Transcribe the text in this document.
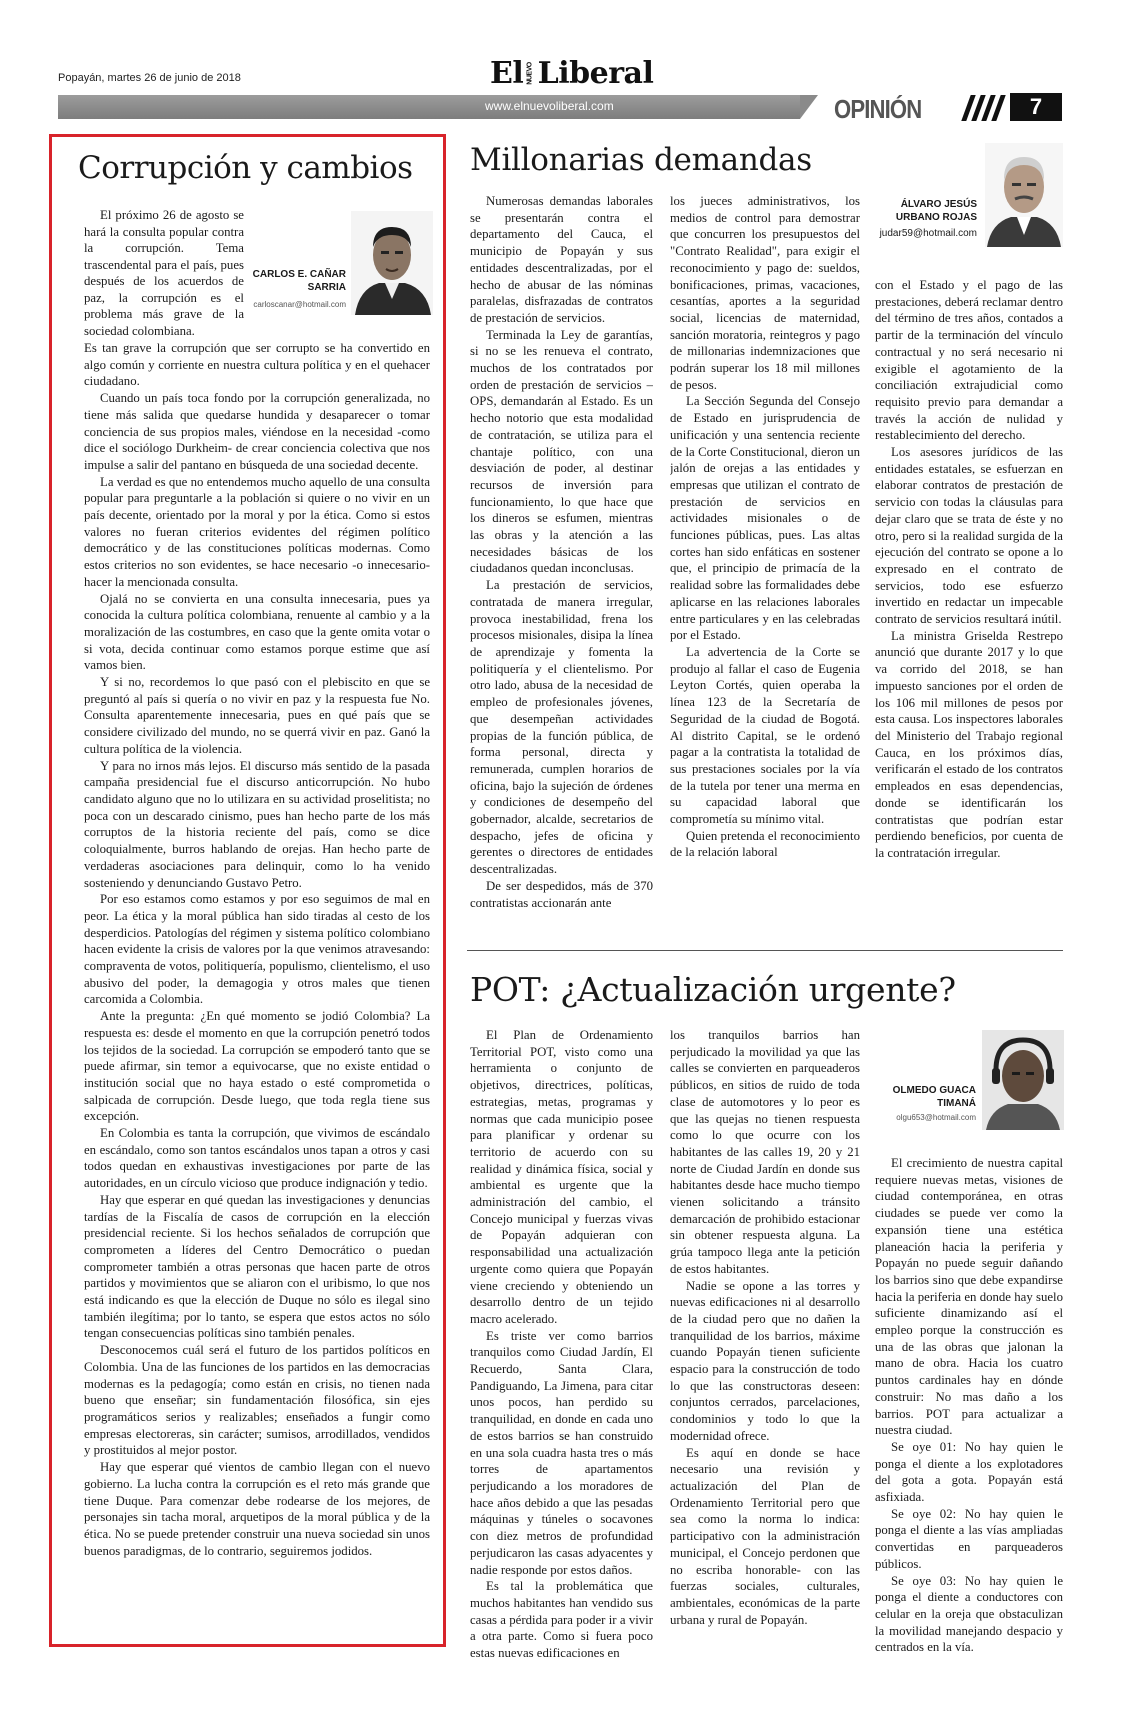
Popayán, martes 26 de junio de 2018	El NUEVO Liberal
www.elnuevoliberal.com	OPINIÓN	7
Corrupción y cambios
CARLOS E. CAÑAR SARRIA
carloscanar@hotmail.com

El próximo 26 de agosto se hará la consulta popular contra la corrupción. Tema trascendental para el país, pues después de los acuerdos de paz, la corrupción es el problema más grave de la sociedad colombiana.

Es tan grave la corrupción que ser corrupto se ha convertido en algo común y corriente en nuestra cultura política y en el quehacer ciudadano.

Cuando un país toca fondo por la corrupción generalizada, no tiene más salida que quedarse hundida y desaparecer o tomar conciencia de sus propios males, viéndose en la necesidad -como dice el sociólogo Durkheim- de crear conciencia colectiva que nos impulse a salir del pantano en búsqueda de una sociedad decente.

La verdad es que no entendemos mucho aquello de una consulta popular para preguntarle a la población si quiere o no vivir en un país decente, orientado por la moral y por la ética. Como si estos valores no fueran criterios evidentes del régimen político democrático y de las constituciones políticas modernas. Como estos criterios no son evidentes, se hace necesario -o innecesario- hacer la mencionada consulta.

Ojalá no se convierta en una consulta innecesaria, pues ya conocida la cultura política colombiana, renuente al cambio y a la moralización de las costumbres, en caso que la gente omita votar o si vota, decida continuar como estamos porque estime que así vamos bien.

Y si no, recordemos lo que pasó con el plebiscito en que se preguntó al país si quería o no vivir en paz y la respuesta fue No. Consulta aparentemente innecesaria, pues en qué país que se considere civilizado del mundo, no se querrá vivir en paz. Ganó la cultura política de la violencia.

Y para no irnos más lejos. El discurso más sentido de la pasada campaña presidencial fue el discurso anticorrupción. No hubo candidato alguno que no lo utilizara en su actividad proselitista; no poca con un descarado cinismo, pues han hecho parte de los más corruptos de la historia reciente del país, como se dice coloquialmente, burros hablando de orejas. Han hecho parte de verdaderas asociaciones para delinquir, como lo ha venido sosteniendo y denunciando Gustavo Petro.

Por eso estamos como estamos y por eso seguimos de mal en peor. La ética y la moral pública han sido tiradas al cesto de los desperdicios. Patologías del régimen y sistema político colombiano hacen evidente la crisis de valores por la que venimos atravesando: compraventa de votos, politiquería, populismo, clientelismo, el uso abusivo del poder, la demagogia y otros males que tienen carcomida a Colombia.

Ante la pregunta: ¿En qué momento se jodió Colombia? La respuesta es: desde el momento en que la corrupción penetró todos los tejidos de la sociedad. La corrupción se empoderó tanto que se puede afirmar, sin temor a equivocarse, que no existe entidad o institución social que no haya estado o esté comprometida o salpicada de corrupción. Desde luego, que toda regla tiene sus excepción.

En Colombia es tanta la corrupción, que vivimos de escándalo en escándalo, como son tantos escándalos unos tapan a otros y casi todos quedan en exhaustivas investigaciones por parte de las autoridades, en un círculo vicioso que produce indignación y tedio.

Hay que esperar en qué quedan las investigaciones y denuncias tardías de la Fiscalía de casos de corrupción en la elección presidencial reciente. Si los hechos señalados de corrupción que comprometen a líderes del Centro Democrático o puedan comprometer también a otras personas que hacen parte de otros partidos y movimientos que se aliaron con el uribismo, lo que nos está indicando es que la elección de Duque no sólo es ilegal sino también ilegítima; por lo tanto, se espera que estos actos no sólo tengan consecuencias políticas sino también penales.

Desconocemos cuál será el futuro de los partidos políticos en Colombia. Una de las funciones de los partidos en las democracias modernas es la pedagogía; como están en crisis, no tienen nada bueno que enseñar; sin fundamentación filosófica, sin ejes programáticos serios y realizables; enseñados a fungir como empresas electoreras, sin carácter; sumisos, arrodillados, vendidos y prostituidos al mejor postor.

Hay que esperar qué vientos de cambio llegan con el nuevo gobierno. La lucha contra la corrupción es el reto más grande que tiene Duque. Para comenzar debe rodearse de los mejores, de personajes sin tacha moral, arquetipos de la moral pública y de la ética. No se puede pretender construir una nueva sociedad sin unos buenos paradigmas, de lo contrario, seguiremos jodidos.

Millonarias demandas
ÁLVARO JESÚS URBANO ROJAS
judar59@hotmail.com

Numerosas demandas laborales se presentarán contra el departamento del Cauca, el municipio de Popayán y sus entidades descentralizadas, por el hecho de abusar de las nóminas paralelas, disfrazadas de contratos de prestación de servicios.

Terminada la Ley de garantías, si no se les renueva el contrato, muchos de los contratados por orden de prestación de servicios – OPS, demandarán al Estado. Es un hecho notorio que esta modalidad de contratación, se utiliza para el chantaje político, con una desviación de poder, al destinar recursos de inversión para funcionamiento, lo que hace que los dineros se esfumen, mientras las obras y la atención a las necesidades básicas de los ciudadanos quedan inconclusas.

La prestación de servicios, contratada de manera irregular, provoca inestabilidad, frena los procesos misionales, disipa la línea de aprendizaje y fomenta la politiquería y el clientelismo. Por otro lado, abusa de la necesidad de empleo de profesionales jóvenes, que desempeñan actividades propias de la función pública, de forma personal, directa y remunerada, cumplen horarios de oficina, bajo la sujeción de órdenes y condiciones de desempeño del gobernador, alcalde, secretarios de despacho, jefes de oficina y gerentes o directores de entidades descentralizadas.

De ser despedidos, más de 370 contratistas accionarán ante

los jueces administrativos, los medios de control para demostrar que concurren los presupuestos del "Contrato Realidad", para exigir el reconocimiento y pago de: sueldos, bonificaciones, primas, vacaciones, cesantías, aportes a la seguridad social, licencias de maternidad, sanción moratoria, reintegros y pago de millonarias indemnizaciones que podrán superar los 18 mil millones de pesos.

La Sección Segunda del Consejo de Estado en jurisprudencia de unificación y una sentencia reciente de la Corte Constitucional, dieron un jalón de orejas a las entidades y empresas que utilizan el contrato de prestación de servicios en actividades misionales o de funciones públicas, pues. Las altas cortes han sido enfáticas en sostener que, el principio de primacía de la realidad sobre las formalidades debe aplicarse en las relaciones laborales entre particulares y en las celebradas por el Estado.

La advertencia de la Corte se produjo al fallar el caso de Eugenia Leyton Cortés, quien operaba la línea 123 de la Secretaría de Seguridad de la ciudad de Bogotá. Al distrito Capital, se le ordenó pagar a la contratista la totalidad de sus prestaciones sociales por la vía de la tutela por tener una merma en su capacidad laboral que comprometía su mínimo vital.

Quien pretenda el reconocimiento de la relación laboral

con el Estado y el pago de las prestaciones, deberá reclamar dentro del término de tres años, contados a partir de la terminación del vínculo contractual y no será necesario ni exigible el agotamiento de la conciliación extrajudicial como requisito previo para demandar a través la acción de nulidad y restablecimiento del derecho.

Los asesores jurídicos de las entidades estatales, se esfuerzan en elaborar contratos de prestación de servicio con todas la cláusulas para dejar claro que se trata de éste y no otro, pero si la realidad surgida de la ejecución del contrato se opone a lo expresado en el contrato de servicios, todo ese esfuerzo invertido en redactar un impecable contrato de servicios resultará inútil.

La ministra Griselda Restrepo anunció que durante 2017 y lo que va corrido del 2018, se han impuesto sanciones por el orden de los 106 mil millones de pesos por esta causa. Los inspectores laborales del Ministerio del Trabajo regional Cauca, en los próximos días, verificarán el estado de los contratos empleados en esas dependencias, donde se identificarán los contratistas que podrían estar perdiendo beneficios, por cuenta de la contratación irregular.

POT: ¿Actualización urgente?
OLMEDO GUACA TIMANÁ
olgu653@hotmail.com

El Plan de Ordenamiento Territorial POT, visto como una herramienta o conjunto de objetivos, directrices, políticas, estrategias, metas, programas y normas que cada municipio posee para planificar y ordenar su territorio de acuerdo con su realidad y dinámica física, social y ambiental es urgente que la administración del cambio, el Concejo municipal y fuerzas vivas de Popayán adquieran con responsabilidad una actualización urgente como quiera que Popayán viene creciendo y obteniendo un desarrollo dentro de un tejido macro acelerado.

Es triste ver como barrios tranquilos como Ciudad Jardín, El Recuerdo, Santa Clara, Pandiguando, La Jimena, para citar unos pocos, han perdido su tranquilidad, en donde en cada uno de estos barrios se han construido en una sola cuadra hasta tres o más torres de apartamentos perjudicando a los moradores de hace años debido a que las pesadas máquinas y túneles o socavones con diez metros de profundidad perjudicaron las casas adyacentes y nadie responde por estos daños.

Es tal la problemática que muchos habitantes han vendido sus casas a pérdida para poder ir a vivir a otra parte. Como si fuera poco estas nuevas edificaciones en

los tranquilos barrios han perjudicado la movilidad ya que las calles se convierten en parqueaderos públicos, en sitios de ruido de toda clase de automotores y lo peor es que las quejas no tienen respuesta como lo que ocurre con los habitantes de las calles 19, 20 y 21 norte de Ciudad Jardín en donde sus habitantes desde hace mucho tiempo vienen solicitando a tránsito demarcación de prohibido estacionar sin obtener respuesta alguna. La grúa tampoco llega ante la petición de estos habitantes.

Nadie se opone a las torres y nuevas edificaciones ni al desarrollo de la ciudad pero que no dañen la tranquilidad de los barrios, máxime cuando Popayán tienen suficiente espacio para la construcción de todo lo que las constructoras deseen: conjuntos cerrados, parcelaciones, condominios y todo lo que la modernidad ofrece.

Es aquí en donde se hace necesario una revisión y actualización del Plan de Ordenamiento Territorial pero que sea como la norma lo indica: participativo con la administración municipal, el Concejo perdonen que no escriba honorable- con las fuerzas sociales, culturales, ambientales, económicas de la parte urbana y rural de Popayán.

El crecimiento de nuestra capital requiere nuevas metas, visiones de ciudad contemporánea, en otras ciudades se puede ver como la expansión tiene una estética planeación hacia la periferia y Popayán no puede seguir dañando los barrios sino que debe expandirse hacia la periferia en donde hay suelo suficiente dinamizando así el empleo porque la construcción es una de las obras que jalonan la mano de obra. Hacia los cuatro puntos cardinales hay en dónde construir: No mas daño a los barrios. POT para actualizar a nuestra ciudad.

Se oye 01: No hay quien le ponga el diente a los explotadores del gota a gota. Popayán está asfixiada.

Se oye 02: No hay quien le ponga el diente a las vías ampliadas convertidas en parqueaderos públicos.

Se oye 03: No hay quien le ponga el diente a conductores con celular en la oreja que obstaculizan la movilidad manejando despacio y centrados en la vía.
